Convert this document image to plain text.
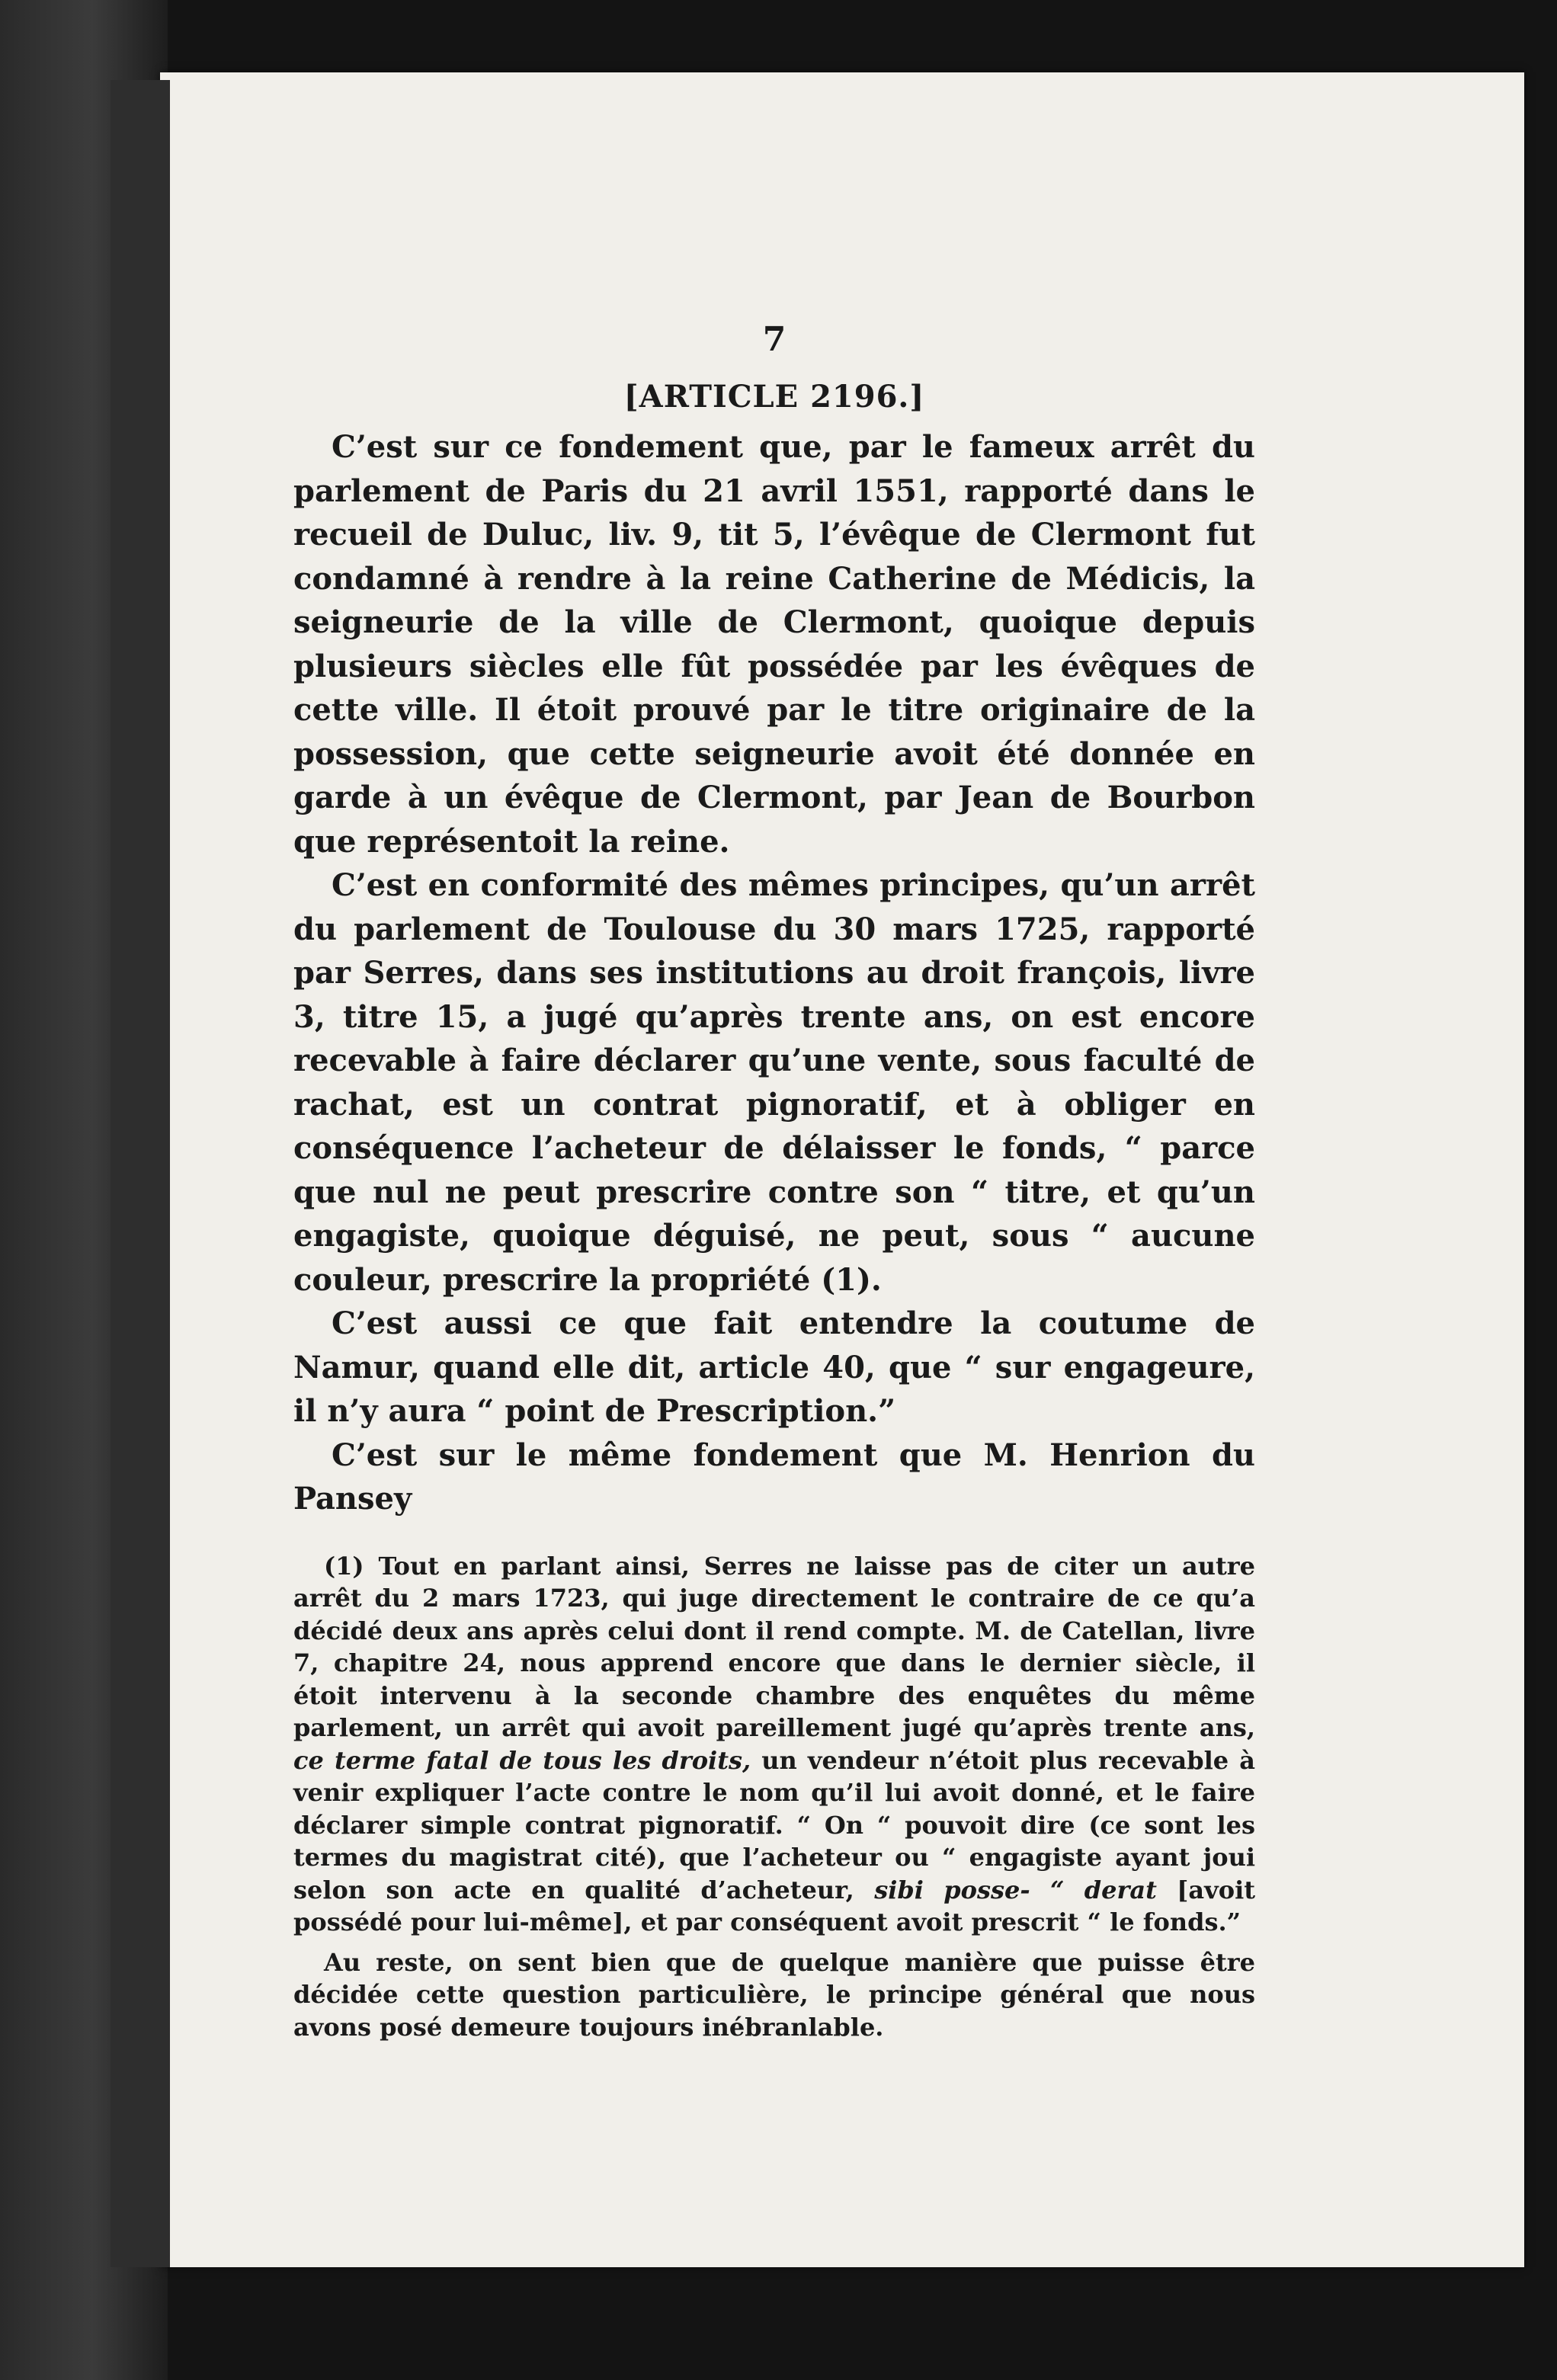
7
[ARTICLE 2196.]

C’est sur ce fondement que, par le fameux arrêt du parlement de Paris du 21 avril 1551, rapporté dans le recueil de Duluc, liv. 9, tit 5, l’évêque de Clermont fut condamné à rendre à la reine Catherine de Médicis, la seigneurie de la ville de Clermont, quoique depuis plusieurs siècles elle fût possédée par les évêques de cette ville. Il étoit prouvé par le titre originaire de la possession, que cette seigneurie avoit été donnée en garde à un évêque de Clermont, par Jean de Bourbon que représentoit la reine.

C’est en conformité des mêmes principes, qu’un arrêt du parlement de Toulouse du 30 mars 1725, rapporté par Serres, dans ses institutions au droit françois, livre 3, titre 15, a jugé qu’après trente ans, on est encore recevable à faire déclarer qu’une vente, sous faculté de rachat, est un contrat pignoratif, et à obliger en conséquence l’acheteur de délaisser le fonds, “ parce que nul ne peut prescrire contre son “ titre, et qu’un engagiste, quoique déguisé, ne peut, sous “ aucune couleur, prescrire la propriété (1).

C’est aussi ce que fait entendre la coutume de Namur, quand elle dit, article 40, que “ sur engageure, il n’y aura “ point de Prescription.”

C’est sur le même fondement que M. Henrion du Pansey

(1) Tout en parlant ainsi, Serres ne laisse pas de citer un autre arrêt du 2 mars 1723, qui juge directement le contraire de ce qu’a décidé deux ans après celui dont il rend compte. M. de Catellan, livre 7, chapitre 24, nous apprend encore que dans le dernier siècle, il étoit intervenu à la seconde chambre des enquêtes du même parlement, un arrêt qui avoit pareillement jugé qu’après trente ans, ce terme fatal de tous les droits, un vendeur n’étoit plus recevable à venir expliquer l’acte contre le nom qu’il lui avoit donné, et le faire déclarer simple contrat pignoratif. “ On “ pouvoit dire (ce sont les termes du magistrat cité), que l’acheteur ou “ engagiste ayant joui selon son acte en qualité d’acheteur, sibi posse- “ derat [avoit possédé pour lui-même], et par conséquent avoit prescrit “ le fonds.”

Au reste, on sent bien que de quelque manière que puisse être décidée cette question particulière, le principe général que nous avons posé demeure toujours inébranlable.
